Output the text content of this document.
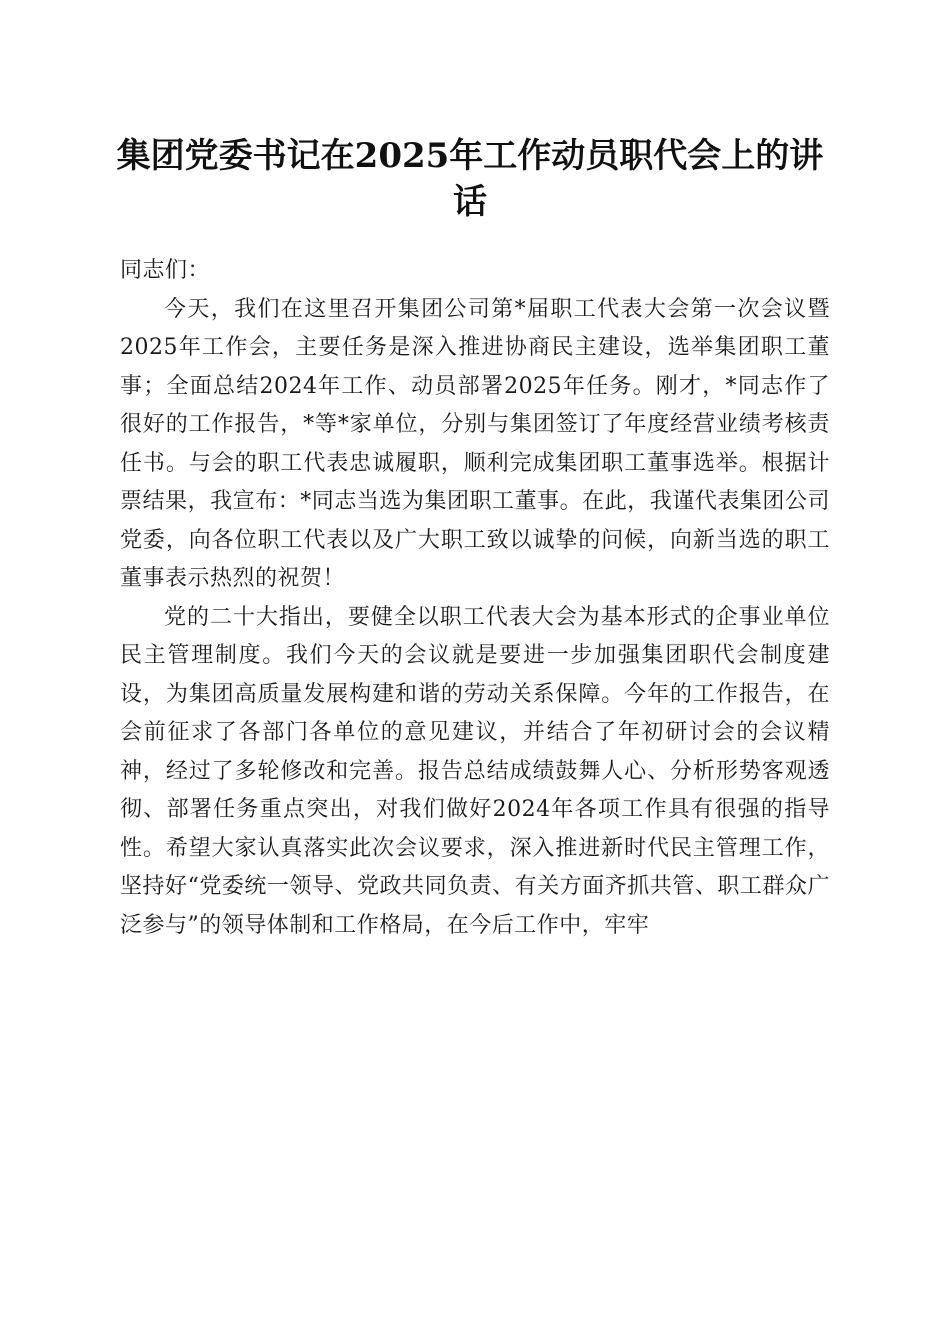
集团党委书记在2025年工作动员职代会上的讲话

同志们：

今天，我们在这里召开集团公司第*届职工代表大会第一次会议暨2025年工作会，主要任务是深入推进协商民主建设，选举集团职工董事；全面总结2024年工作、动员部署2025年任务。刚才，*同志作了很好的工作报告，*等*家单位，分别与集团签订了年度经营业绩考核责任书。与会的职工代表忠诚履职，顺利完成集团职工董事选举。根据计票结果，我宣布：*同志当选为集团职工董事。在此，我谨代表集团公司党委，向各位职工代表以及广大职工致以诚挚的问候，向新当选的职工董事表示热烈的祝贺！

党的二十大指出，要健全以职工代表大会为基本形式的企事业单位民主管理制度。我们今天的会议就是要进一步加强集团职代会制度建设，为集团高质量发展构建和谐的劳动关系保障。今年的工作报告，在会前征求了各部门各单位的意见建议，并结合了年初研讨会的会议精神，经过了多轮修改和完善。报告总结成绩鼓舞人心、分析形势客观透彻、部署任务重点突出，对我们做好2024年各项工作具有很强的指导性。希望大家认真落实此次会议要求，深入推进新时代民主管理工作，坚持好“党委统一领导、党政共同负责、有关方面齐抓共管、职工群众广泛参与”的领导体制和工作格局，在今后工作中，牢牢
